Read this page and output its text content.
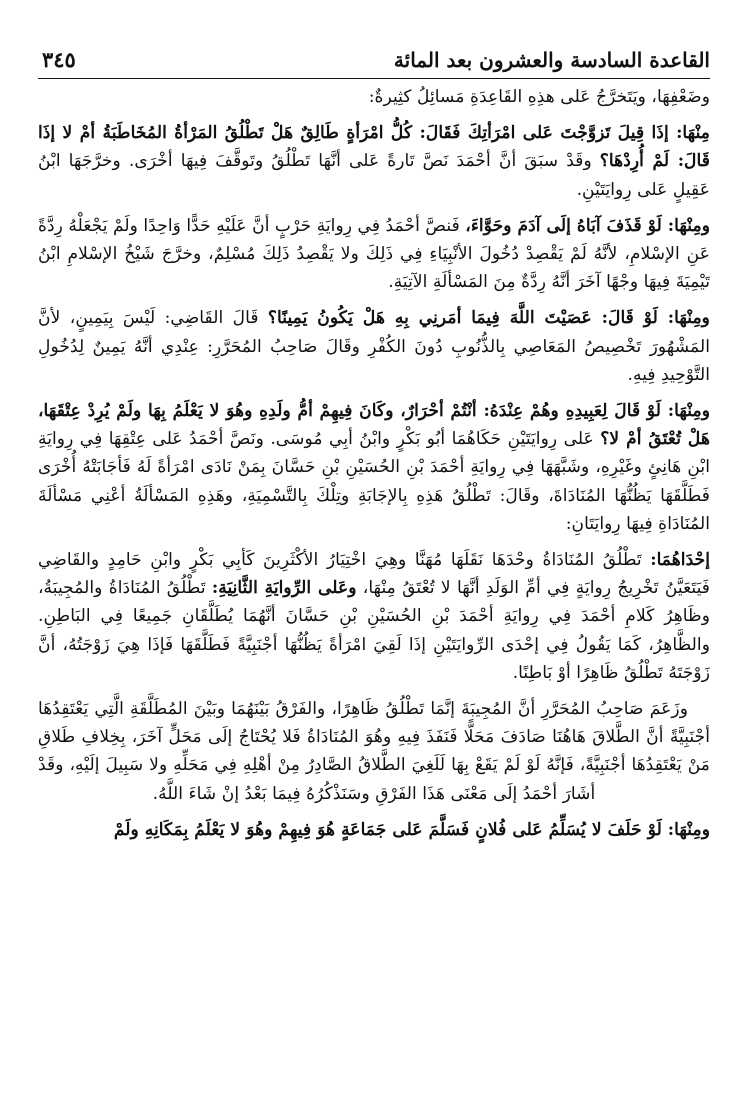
القاعدة السادسة والعشرون بعد المائة
٣٤٥

وضَعْفِهَا، ويَتَخرَّجُ عَلى هذِهِ القَاعِدَةِ مَسائِلُ كثِيرةٌ:

مِنْهَا: إذَا قِيلَ تَزوَّجْتَ عَلى امْرَأتِكَ فَقَالَ: كُلُّ امْرَأةٍ طَالِقٌ هَلْ تَطْلُقُ المَرْأةُ المُخَاطَبَةُ أمْ لا إذَا قَالَ: لَمْ أُرِدْهَا؟ وقَدْ سبَقَ أنَّ أحْمَدَ نَصَّ تَارةً عَلى أنَّهَا تَطْلُقُ وتَوقَّفَ فِيهَا أخْرَى. وخرَّجَهَا ابْنُ عَقِيلٍ عَلى رِوايَتَيْنِ.

ومِنْهَا: لَوْ قَذَفَ آبَاهُ إلَى آدَمَ وحَوَّاءَ، فَنصَّ أحْمَدُ فِي رِوايَةِ حَرْبٍ أنَّ عَلَيْهِ حَدًّا وَاحِدًا ولَمْ يَجْعَلْهُ رِدَّةً عَنِ الإسْلامِ، لأنَّهُ لَمْ يَقْصِدْ دُخُولَ الأنْبِيَاءِ فِي ذَلِكَ ولا يَقْصِدُ ذَلِكَ مُسْلِمٌ، وخرَّجَ شَيْخُ الإسْلامِ ابْنُ تَيْمِيَةَ فِيهَا وجْهًا آخَرَ أنَّهُ رِدَّةٌ مِنَ المَسْألَةِ الآتِيَةِ.

ومِنْهَا: لَوْ قَالَ: عَصَيْتَ اللَّهَ فِيمَا أمَرنِي بِهِ هَلْ يَكُونُ يَمِينًا؟ قَالَ القَاضِي: لَيْسَ بِيَمِينٍ، لأنَّ المَشْهُورَ تَخْصِيصُ المَعَاصِي بِالذُّنُوبِ دُونَ الكُفْرِ وقَالَ صَاحِبُ المُحَرَّرِ: عِنْدِي أنَّهُ يَمِينٌ لِدُخُولِ التَّوْحِيدِ فِيهِ.

ومِنْهَا: لَوْ قَالَ لِعَبِيدِهِ وهُمْ عِنْدَهُ: أنْتُمْ أحْرَارٌ، وكَانَ فِيهِمْ أمُّ ولَدِهِ وهُوَ لا يَعْلَمُ بِهَا ولَمْ يُرِدْ عِتْقَهَا، هَلْ تُعْتَقُ أمْ لا؟ عَلى رِوايَتَيْنِ حَكَاهُمَا أبُو بَكْرٍ وابْنُ أبِي مُوسَى. ونَصَّ أحْمَدُ عَلى عِتْقِهَا فِي رِوايَةِ ابْنِ هَانِئٍ وغَيْرِهِ، وشَبَّهَهَا فِي رِوايَةِ أحْمَدَ بْنِ الحُسَيْنِ بْنِ حَسَّانَ بِمَنْ نَادَى امْرَأةً لَهُ فَأجَابَتْهُ أُخْرَى فَطَلَّقَهَا يَظُنُّهَا المُنَادَاةَ، وقَالَ: تَطْلُقُ هَذِهِ بِالإجَابَةِ وتِلْكَ بِالتَّسْمِيَةِ، وهَذِهِ المَسْألَةُ أعْنِي مَسْألَةَ المُنَادَاةِ فِيهَا رِوايَتَانِ:

إحْدَاهُمَا: تَطْلُقُ المُنَادَاةُ وحْدَهَا نَقَلَهَا مُهَنَّا وهِيَ اخْتِيَارُ الأكْثَرِينَ كَأبِي بَكْرٍ وابْنِ حَامِدٍ والقَاضِي فَيَتَعَيَّنُ تَخْرِيجُ رِوايَةٍ فِي أمِّ الوَلَدِ أنَّهَا لا تُعْتَقُ مِنْهَا، وعَلى الرِّوايَةِ الثَّانِيَةِ: تَطْلُقُ المُنَادَاةُ والمُجِيبَةُ، وظَاهِرُ كَلامِ أحْمَدَ فِي رِوايَةِ أحْمَدَ بْنِ الحُسَيْنِ بْنِ حَسَّانَ أنَّهُمَا يُطَلَّقَانِ جَمِيعًا فِي البَاطِنِ. والظَّاهِرُ، كَمَا يَقُولُ فِي إحْدَى الرِّوايَتَيْنِ إذَا لَقِيَ امْرَأةً يَظُنُّهَا أجْنَبِيَّةً فَطَلَّقَهَا فَإذَا هِيَ زَوْجَتُهُ، أنَّ زَوْجَتَهُ تَطْلُقُ ظَاهِرًا أوْ بَاطِنًا.

وزَعَمَ صَاحِبُ المُحَرَّرِ أنَّ المُجِيبَةَ إنَّمَا تَطْلُقُ ظَاهِرًا، والفَرْقُ بَيْنَهُمَا وبَيْنَ المُطَلَّقَةِ الَّتِي يَعْتَقِدُهَا أجْنَبِيَّةً أنَّ الطَّلاقَ هَاهُنَا صَادَفَ مَحَلًّا فَنَفَذَ فِيهِ وهُوَ المُنَادَاةُ فَلا يُحْتَاجُ إلَى مَحَلٍّ آخَرَ، بِخِلافِ طَلاقِ مَنْ يَعْتَقِدُهَا أجْنَبِيَّةً، فَإنَّهُ لَوْ لَمْ يَقَعْ بِهَا لَلَغِيَ الطَّلاقُ الصَّادِرُ مِنْ أهْلِهِ فِي مَحَلِّهِ ولا سَبِيلَ إلَيْهِ، وقَدْ أشَارَ أحْمَدُ إلَى مَعْنَى هَذَا الفَرْقِ وسَنَذْكُرُهُ فِيمَا بَعْدُ إنْ شَاءَ اللَّهُ.

ومِنْهَا: لَوْ حَلَفَ لا يُسَلِّمُ عَلى فُلانٍ فَسَلَّمَ عَلى جَمَاعَةٍ هُوَ فِيهِمْ وهُوَ لا يَعْلَمُ بِمَكَانِهِ ولَمْ
